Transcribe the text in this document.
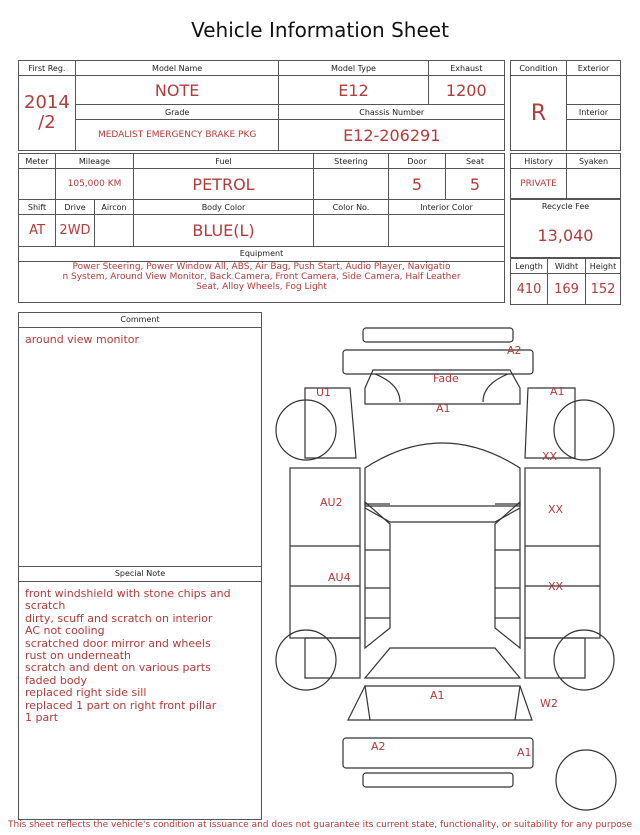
Vehicle Information Sheet
First Reg.	Model Name	Model Type	Exhaust
2014
/2	NOTE	E12	1200
	Grade	Chassis Number	
	MEDALIST EMERGENCY BRAKE PKG	E12-206291	
Condition	Exterior
R	
	Interior

Meter	Mileage		Fuel	Steering	Door	Seat
	105,000 KM		PETROL		5	5
Shift	Drive	Aircon	Body Color	Color No.	Interior Color	
AT	2WD		BLUE(L)			
Equipment						
Power Steering, Power Window All, ABS, Air Bag, Push Start, Audio Player, Navigatio
n System, Around View Monitor, Back Camera, Front Camera, Side Camera, Half Leather
Seat, Alloy Wheels, Fog Light						
History	Syaken
PRIVATE	
Recycle Fee
13,040
Length	Widht	Height
410	169	152
Comment
around view monitor
Special Note
front windshield with stone chips and
scratch
dirty, scuff and scratch on interior
AC not cooling
scratched door mirror and wheels
rust on underneath
scratch and dent on various parts
faded body
replaced right side sill
replaced 1 part on right front pillar
1 part
A2
Fade
U1
A1
A1
XX
AU2
XX
AU4
XX
A1
W2
A2	A1
This sheet reflects the vehicle's condition at issuance and does not guarantee its current state, functionality, or suitability for any purpose
